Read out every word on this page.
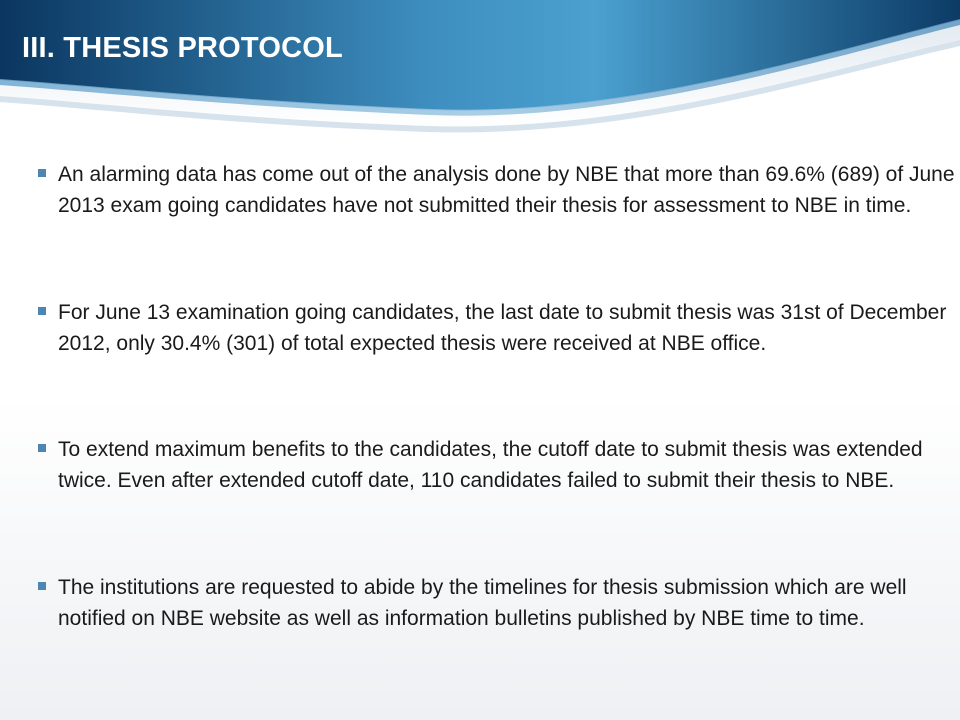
III. THESIS PROTOCOL
An alarming data has come out of the analysis done by NBE that more than 69.6% (689) of June 2013 exam going candidates have not submitted their thesis for assessment to NBE in time.
For June 13 examination going candidates, the last date to submit thesis was 31st of December 2012, only 30.4% (301) of total expected thesis were received at NBE office.
To extend maximum benefits to the candidates, the cutoff date to submit thesis was extended twice. Even after extended cutoff date, 110 candidates failed to submit their thesis to NBE.
The institutions are requested to abide by the timelines for thesis submission which are well notified on NBE website as well as information bulletins published by NBE time to time.
